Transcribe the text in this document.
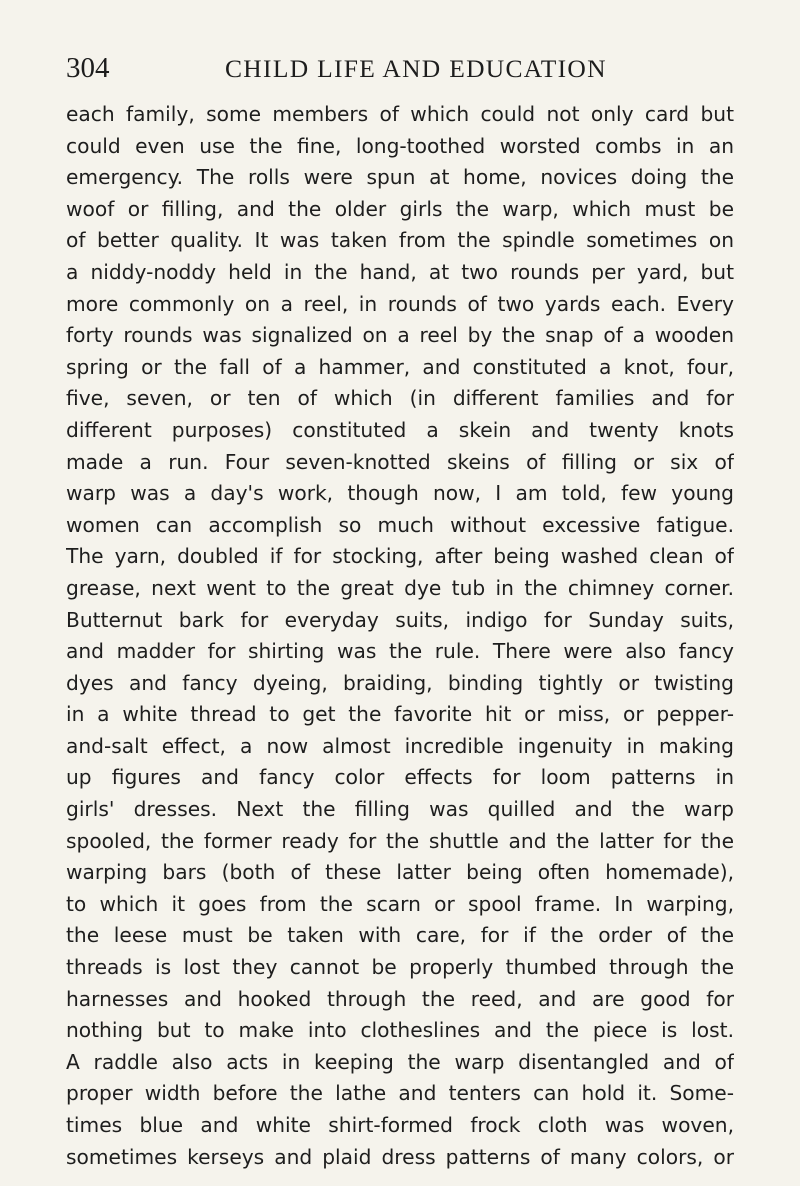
304	CHILD LIFE AND EDUCATION
each family, some members of which could not only card but
could even use the fine, long-toothed worsted combs in an
emergency. The rolls were spun at home, novices doing the
woof or filling, and the older girls the warp, which must be
of better quality. It was taken from the spindle sometimes on
a niddy-noddy held in the hand, at two rounds per yard, but
more commonly on a reel, in rounds of two yards each. Every
forty rounds was signalized on a reel by the snap of a wooden
spring or the fall of a hammer, and constituted a knot, four,
five, seven, or ten of which (in different families and for
different purposes) constituted a skein and twenty knots
made a run. Four seven-knotted skeins of filling or six of
warp was a day's work, though now, I am told, few young
women can accomplish so much without excessive fatigue.
The yarn, doubled if for stocking, after being washed clean of
grease, next went to the great dye tub in the chimney corner.
Butternut bark for everyday suits, indigo for Sunday suits,
and madder for shirting was the rule. There were also fancy
dyes and fancy dyeing, braiding, binding tightly or twisting
in a white thread to get the favorite hit or miss, or pepper-
and-salt effect, a now almost incredible ingenuity in making
up figures and fancy color effects for loom patterns in
girls' dresses. Next the filling was quilled and the warp
spooled, the former ready for the shuttle and the latter for the
warping bars (both of these latter being often homemade),
to which it goes from the scarn or spool frame. In warping,
the leese must be taken with care, for if the order of the
threads is lost they cannot be properly thumbed through the
harnesses and hooked through the reed, and are good for
nothing but to make into clotheslines and the piece is lost.
A raddle also acts in keeping the warp disentangled and of
proper width before the lathe and tenters can hold it. Some-
times blue and white shirt-formed frock cloth was woven,
sometimes kerseys and plaid dress patterns of many colors, or
